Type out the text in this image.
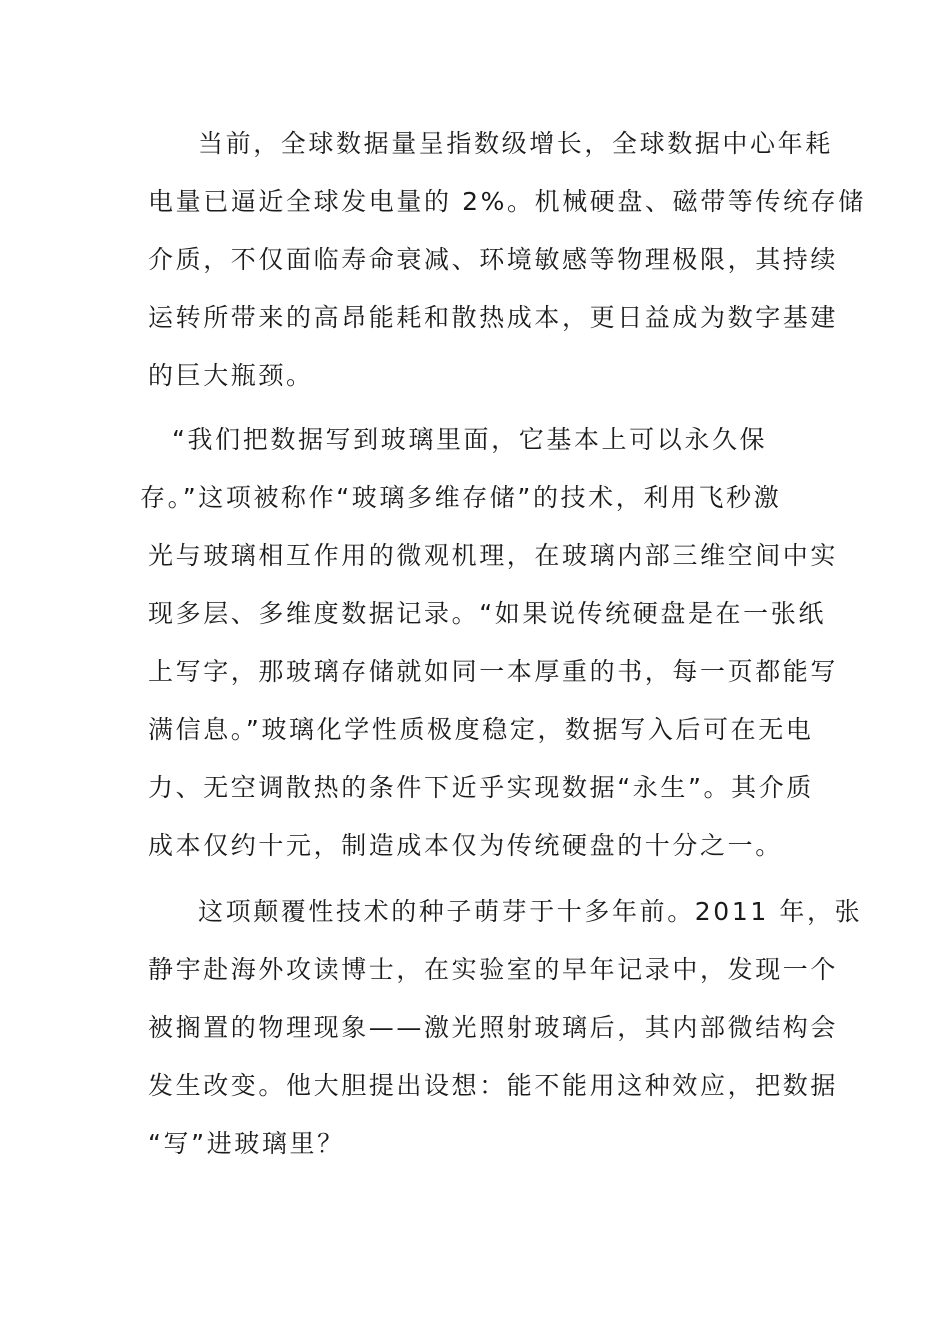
当前，全球数据量呈指数级增长，全球数据中心年耗

电量已逼近全球发电量的 2%。机械硬盘、磁带等传统存储

介质，不仅面临寿命衰减、环境敏感等物理极限，其持续

运转所带来的高昂能耗和散热成本，更日益成为数字基建

的巨大瓶颈。

“我们把数据写到玻璃里面，它基本上可以永久保

存。”这项被称作“玻璃多维存储”的技术，利用飞秒激

光与玻璃相互作用的微观机理，在玻璃内部三维空间中实

现多层、多维度数据记录。“如果说传统硬盘是在一张纸

上写字，那玻璃存储就如同一本厚重的书，每一页都能写

满信息。”玻璃化学性质极度稳定，数据写入后可在无电

力、无空调散热的条件下近乎实现数据“永生”。其介质

成本仅约十元，制造成本仅为传统硬盘的十分之一。

这项颠覆性技术的种子萌芽于十多年前。2011 年，张

静宇赴海外攻读博士，在实验室的早年记录中，发现一个

被搁置的物理现象——激光照射玻璃后，其内部微结构会

发生改变。他大胆提出设想：能不能用这种效应，把数据

“写”进玻璃里？
